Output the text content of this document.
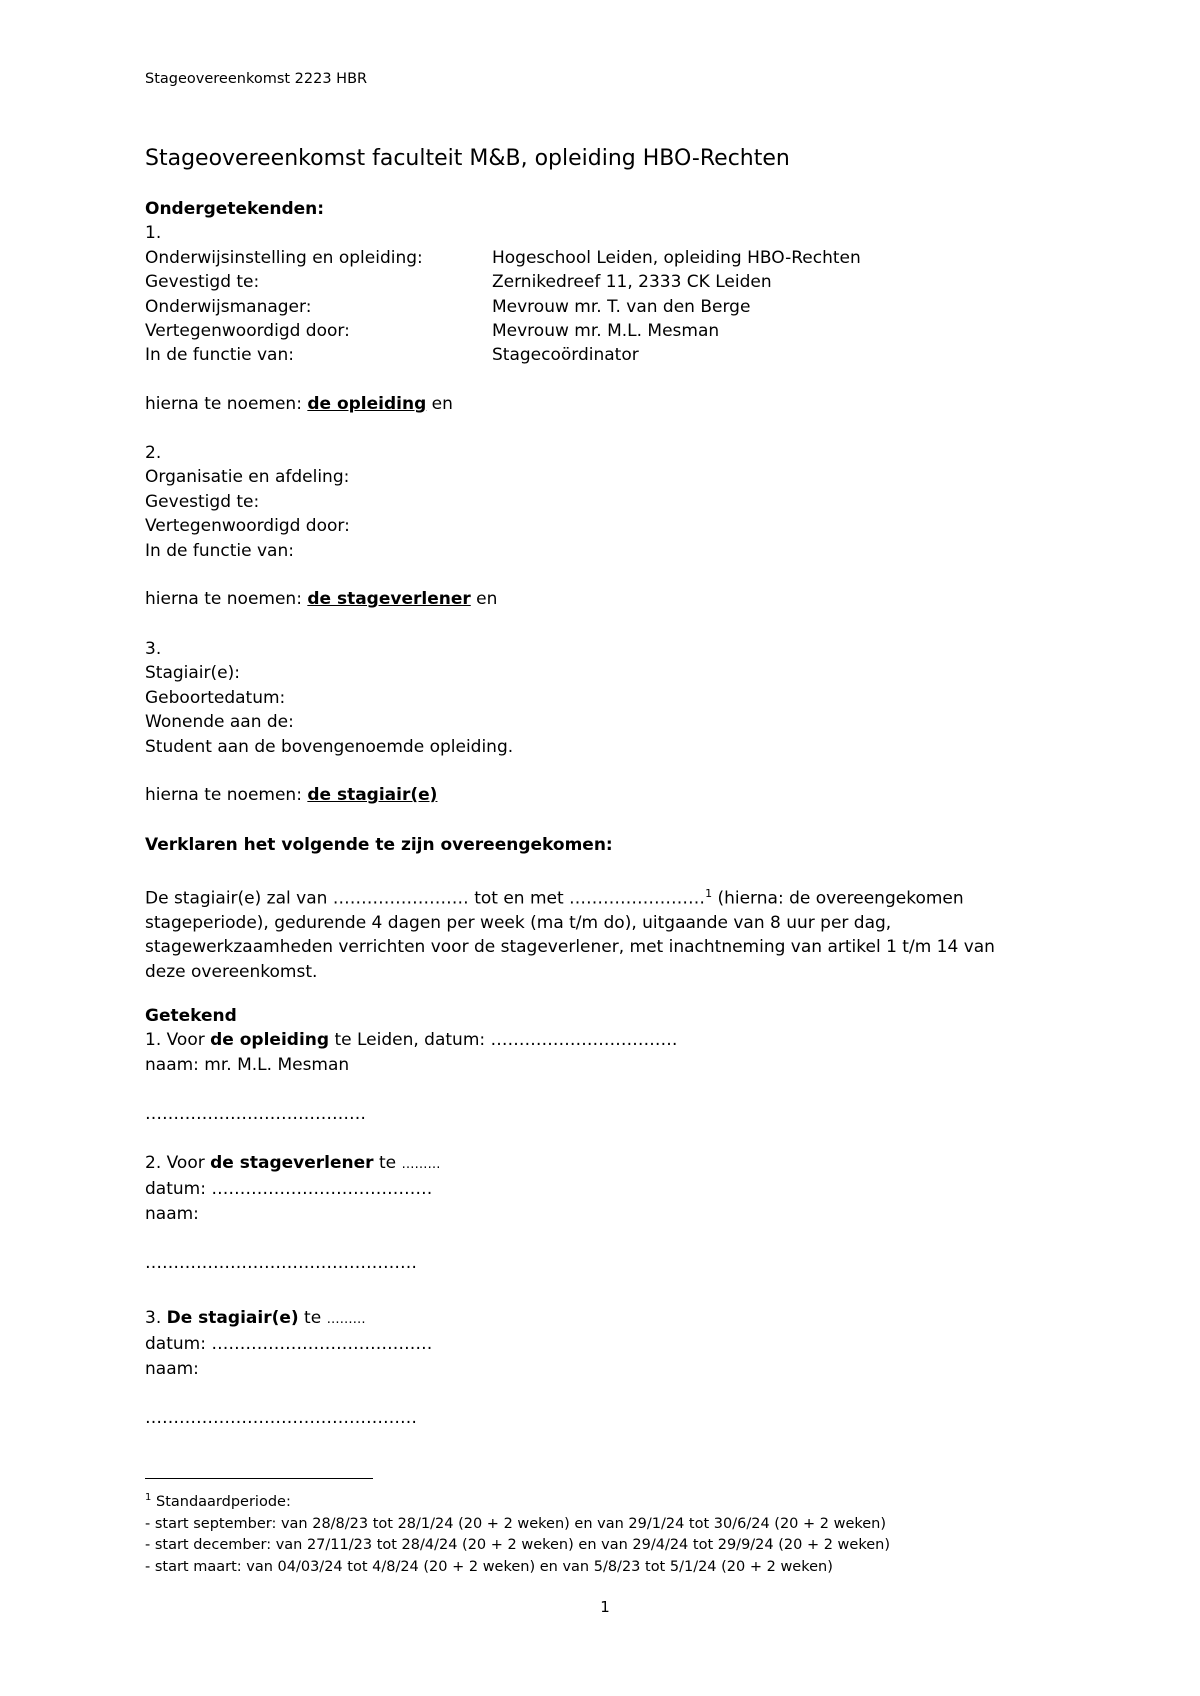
Stageovereenkomst 2223 HBR
Stageovereenkomst faculteit M&B, opleiding HBO-Rechten
Ondergetekenden:
1.
Onderwijsinstelling en opleiding:	Hogeschool Leiden, opleiding HBO-Rechten
Gevestigd te:	Zernikedreef 11, 2333 CK Leiden
Onderwijsmanager:	Mevrouw mr. T. van den Berge
Vertegenwoordigd door:	Mevrouw mr. M.L. Mesman
In de functie van:	Stagecoördinator
hierna te noemen: de opleiding en
2.
Organisatie en afdeling:
Gevestigd te:
Vertegenwoordigd door:
In de functie van:
hierna te noemen: de stageverlener en
3.
Stagiair(e):
Geboortedatum:
Wonende aan de:
Student aan de bovengenoemde opleiding.
hierna te noemen: de stagiair(e)
Verklaren het volgende te zijn overeengekomen:
De stagiair(e) zal van …………………… tot en met ……………………$^1$ (hierna: de overeengekomen
stageperiode), gedurende 4 dagen per week (ma t/m do), uitgaande van 8 uur per dag,
stagewerkzaamheden verrichten voor de stageverlener, met inachtneming van artikel 1 t/m 14 van
deze overeenkomst.
Getekend
1. Voor de opleiding te Leiden, datum: ……………………………
naam: mr. M.L. Mesman
…………………………………
2. Voor de stageverlener te ………
datum: …………………………………
naam:
…………………………………………
3. De stagiair(e) te ………
datum: …………………………………
naam:
…………………………………………
$^1$ Standaardperiode:
- start september: van 28/8/23 tot 28/1/24 (20 + 2 weken) en van 29/1/24 tot 30/6/24 (20 + 2 weken)
- start december: van 27/11/23 tot 28/4/24 (20 + 2 weken) en van 29/4/24 tot 29/9/24 (20 + 2 weken)
- start maart: van 04/03/24 tot 4/8/24 (20 + 2 weken) en van 5/8/23 tot 5/1/24 (20 + 2 weken)
1
